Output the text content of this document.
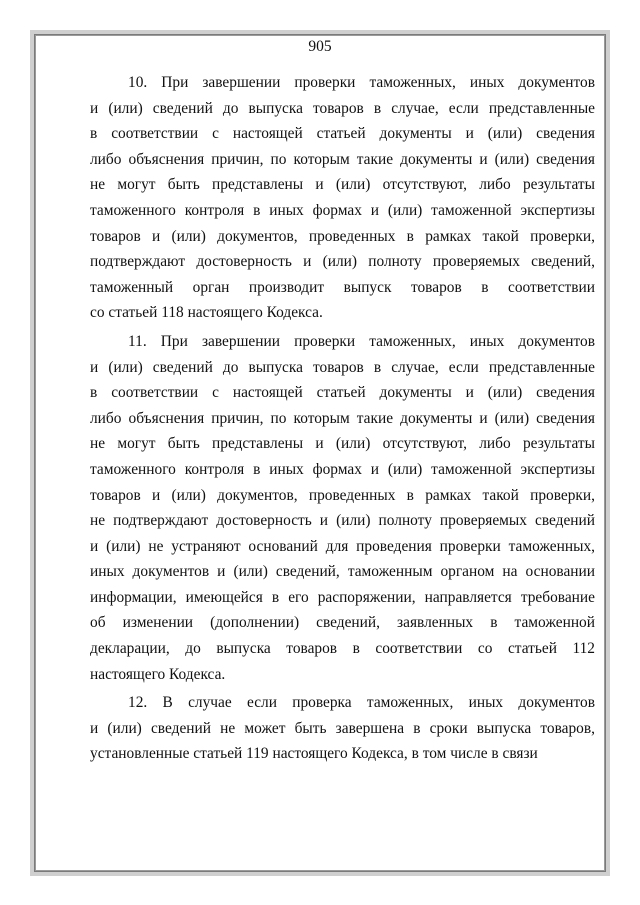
905
10. При завершении проверки таможенных, иных документов
и (или) сведений до выпуска товаров в случае, если представленные
в соответствии с настоящей статьей документы и (или) сведения
либо объяснения причин, по которым такие документы и (или) сведения
не могут быть представлены и (или) отсутствуют, либо результаты
таможенного контроля в иных формах и (или) таможенной экспертизы
товаров и (или) документов, проведенных в рамках такой проверки,
подтверждают достоверность и (или) полноту проверяемых сведений,
таможенный орган производит выпуск товаров в соответствии
со статьей 118 настоящего Кодекса.
11. При завершении проверки таможенных, иных документов
и (или) сведений до выпуска товаров в случае, если представленные
в соответствии с настоящей статьей документы и (или) сведения
либо объяснения причин, по которым такие документы и (или) сведения
не могут быть представлены и (или) отсутствуют, либо результаты
таможенного контроля в иных формах и (или) таможенной экспертизы
товаров и (или) документов, проведенных в рамках такой проверки,
не подтверждают достоверность и (или) полноту проверяемых сведений
и (или) не устраняют оснований для проведения проверки таможенных,
иных документов и (или) сведений, таможенным органом на основании
информации, имеющейся в его распоряжении, направляется требование
об изменении (дополнении) сведений, заявленных в таможенной
декларации, до выпуска товаров в соответствии со статьей 112
настоящего Кодекса.
12. В случае если проверка таможенных, иных документов
и (или) сведений не может быть завершена в сроки выпуска товаров,
установленные статьей 119 настоящего Кодекса, в том числе в связи
